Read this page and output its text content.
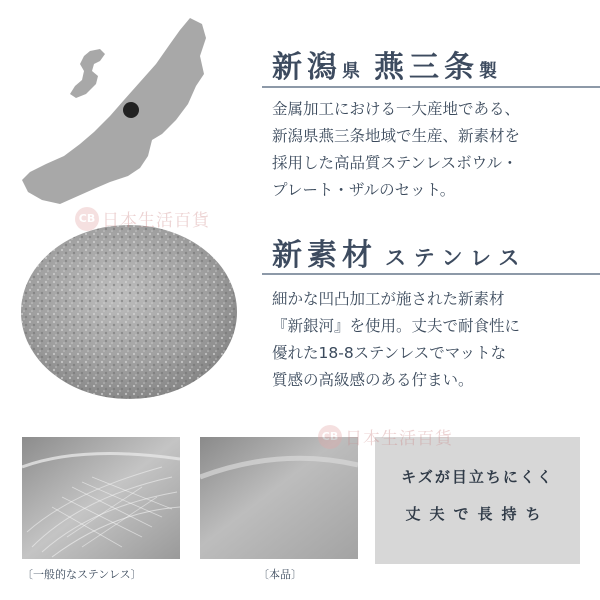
新潟県 燕三条製
金属加工における一大産地である、
新潟県燕三条地域で生産、新素材を
採用した高品質ステンレスボウル・
プレート・ザルのセット。
新素材 ステンレス
細かな凹凸加工が施された新素材
『新銀河』を使用。丈夫で耐食性に
優れた18-8ステンレスでマットな
質感の高級感のある佇まい。
〔一般的なステンレス〕	〔本品〕
キズが目立ちにくく
丈夫で長持ち
CB 日本生活百貨
CB 日本生活百貨
